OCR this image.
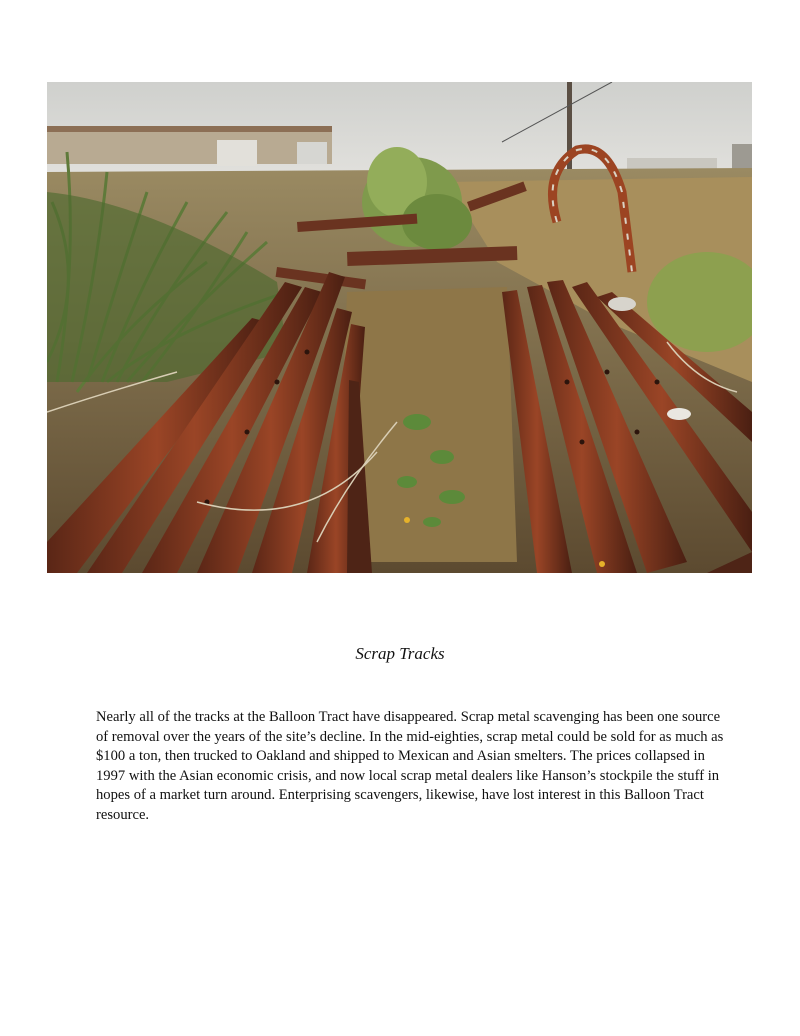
Scrap Tracks

Nearly all of the tracks at the Balloon Tract have disappeared. Scrap metal scavenging has been one source of removal over the years of the site’s decline. In the mid-eighties, scrap metal could be sold for as much as $100 a ton, then trucked to Oakland and shipped to Mexican and Asian smelters. The prices collapsed in 1997 with the Asian economic crisis, and now local scrap metal dealers like Hanson’s stockpile the stuff in hopes of a market turn around. Enterprising scavengers, likewise, have lost interest in this Balloon Tract resource.
